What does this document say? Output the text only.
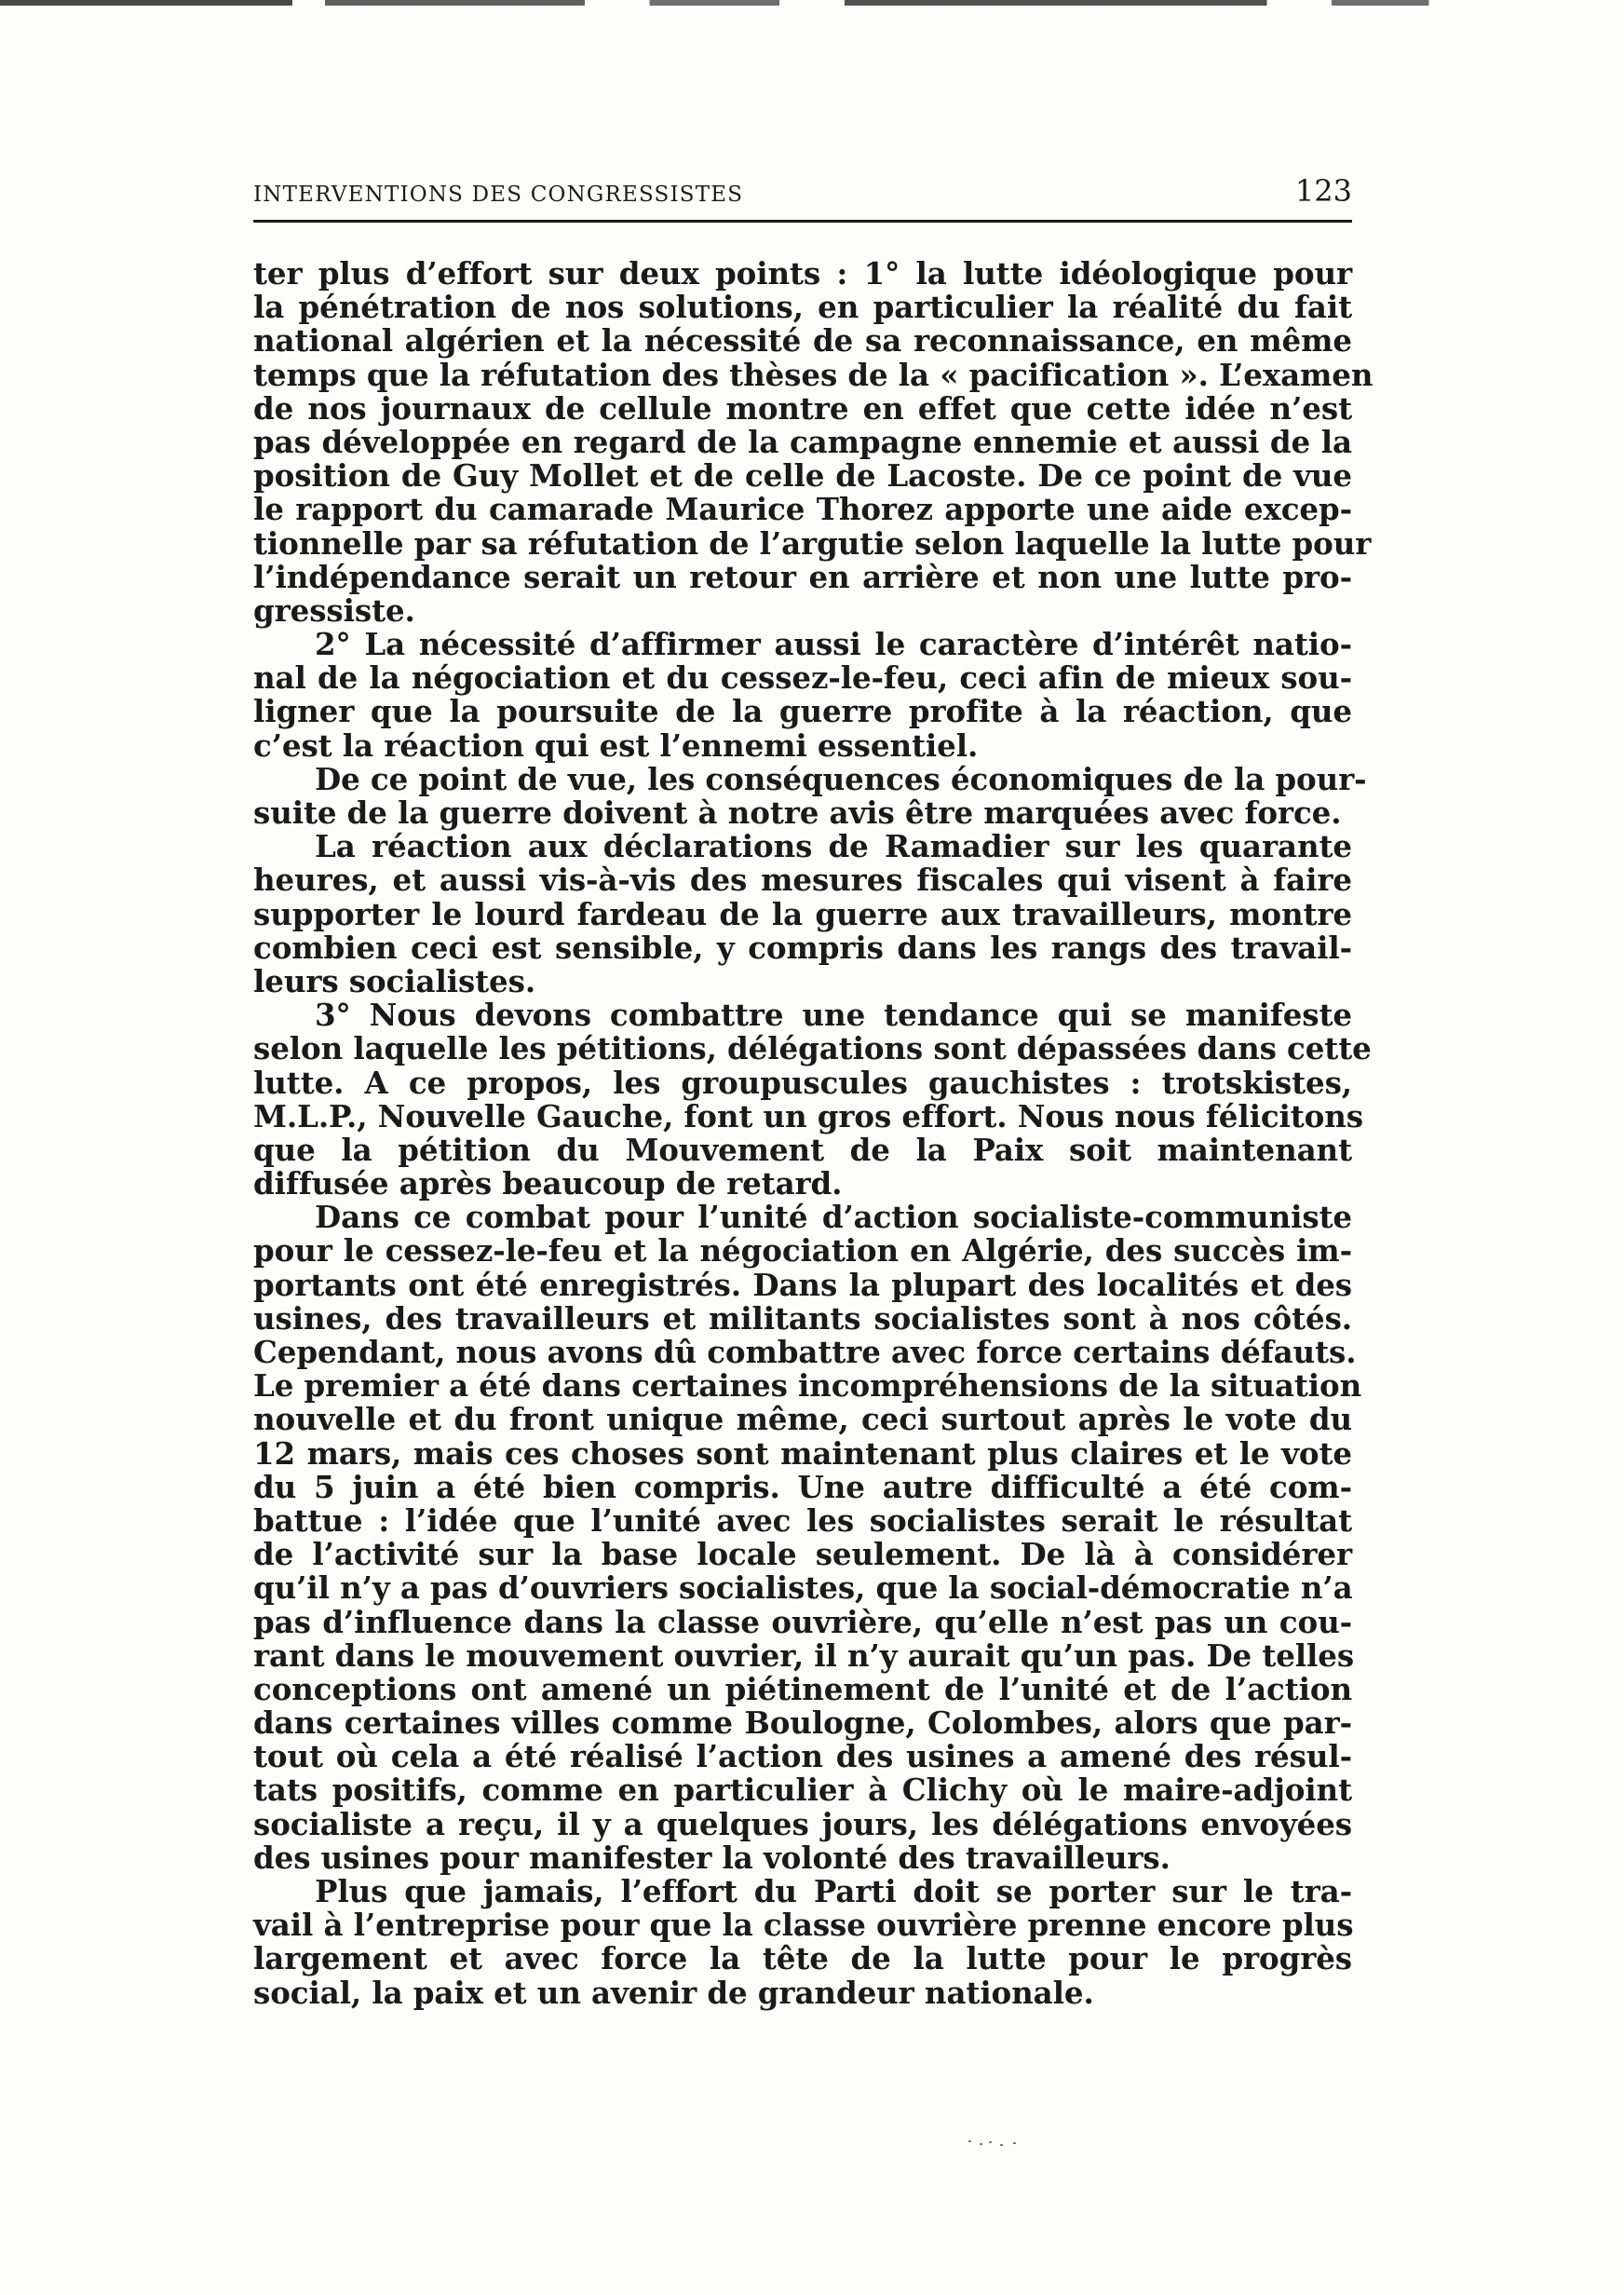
INTERVENTIONS DES CONGRESSISTES	123
ter plus d’effort sur deux points : 1° la lutte idéologique pour
la pénétration de nos solutions, en particulier la réalité du fait
national algérien et la nécessité de sa reconnaissance, en même
temps que la réfutation des thèses de la « pacification ». L’examen
de nos journaux de cellule montre en effet que cette idée n’est
pas développée en regard de la campagne ennemie et aussi de la
position de Guy Mollet et de celle de Lacoste. De ce point de vue
le rapport du camarade Maurice Thorez apporte une aide excep-
tionnelle par sa réfutation de l’argutie selon laquelle la lutte pour
l’indépendance serait un retour en arrière et non une lutte pro-
gressiste.
2° La nécessité d’affirmer aussi le caractère d’intérêt natio-
nal de la négociation et du cessez-le-feu, ceci afin de mieux sou-
ligner que la poursuite de la guerre profite à la réaction, que
c’est la réaction qui est l’ennemi essentiel.
De ce point de vue, les conséquences économiques de la pour-
suite de la guerre doivent à notre avis être marquées avec force.
La réaction aux déclarations de Ramadier sur les quarante
heures, et aussi vis-à-vis des mesures fiscales qui visent à faire
supporter le lourd fardeau de la guerre aux travailleurs, montre
combien ceci est sensible, y compris dans les rangs des travail-
leurs socialistes.
3° Nous devons combattre une tendance qui se manifeste
selon laquelle les pétitions, délégations sont dépassées dans cette
lutte. A ce propos, les groupuscules gauchistes : trotskistes,
M.L.P., Nouvelle Gauche, font un gros effort. Nous nous félicitons
que la pétition du Mouvement de la Paix soit maintenant
diffusée après beaucoup de retard.
Dans ce combat pour l’unité d’action socialiste-communiste
pour le cessez-le-feu et la négociation en Algérie, des succès im-
portants ont été enregistrés. Dans la plupart des localités et des
usines, des travailleurs et militants socialistes sont à nos côtés.
Cependant, nous avons dû combattre avec force certains défauts.
Le premier a été dans certaines incompréhensions de la situation
nouvelle et du front unique même, ceci surtout après le vote du
12 mars, mais ces choses sont maintenant plus claires et le vote
du 5 juin a été bien compris. Une autre difficulté a été com-
battue : l’idée que l’unité avec les socialistes serait le résultat
de l’activité sur la base locale seulement. De là à considérer
qu’il n’y a pas d’ouvriers socialistes, que la social-démocratie n’a
pas d’influence dans la classe ouvrière, qu’elle n’est pas un cou-
rant dans le mouvement ouvrier, il n’y aurait qu’un pas. De telles
conceptions ont amené un piétinement de l’unité et de l’action
dans certaines villes comme Boulogne, Colombes, alors que par-
tout où cela a été réalisé l’action des usines a amené des résul-
tats positifs, comme en particulier à Clichy où le maire-adjoint
socialiste a reçu, il y a quelques jours, les délégations envoyées
des usines pour manifester la volonté des travailleurs.
Plus que jamais, l’effort du Parti doit se porter sur le tra-
vail à l’entreprise pour que la classe ouvrière prenne encore plus
largement et avec force la tête de la lutte pour le progrès
social, la paix et un avenir de grandeur nationale.
